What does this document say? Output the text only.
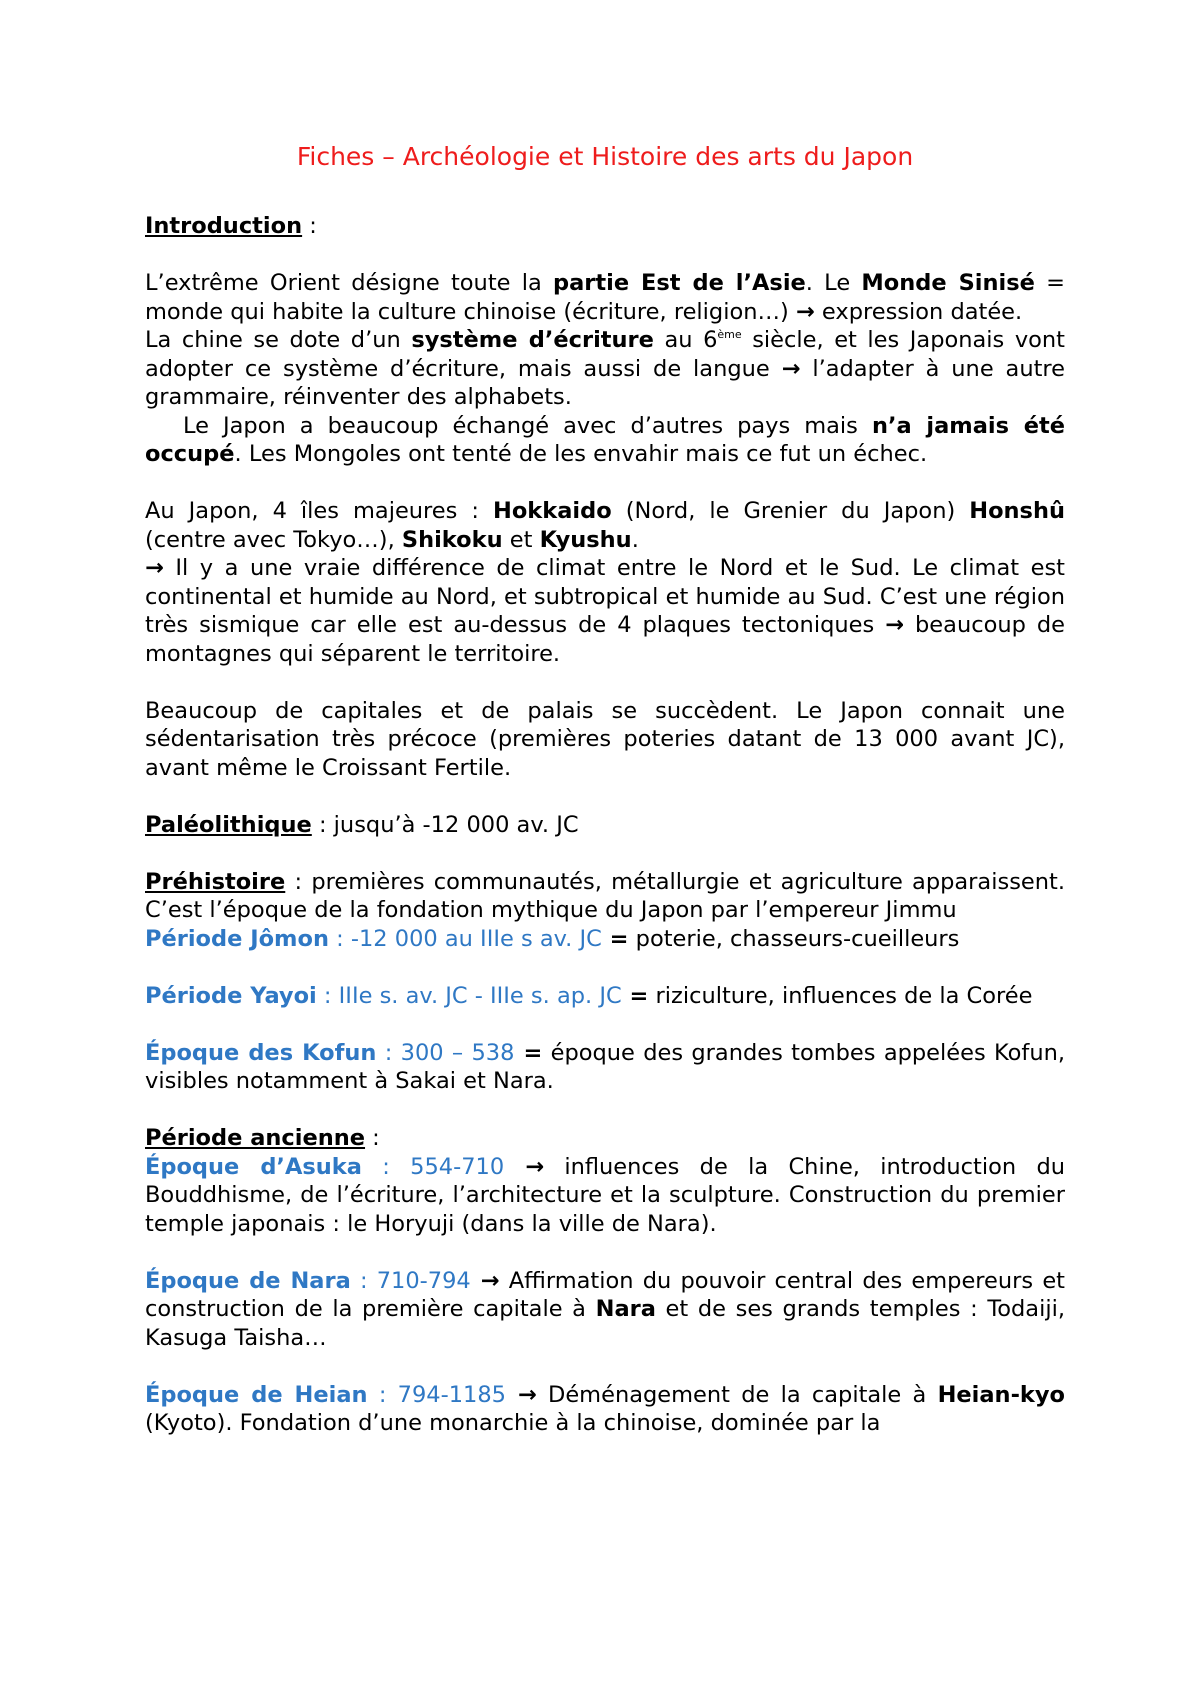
Fiches – Archéologie et Histoire des arts du Japon

Introduction :

L’extrême Orient désigne toute la partie Est de l’Asie. Le Monde Sinisé = monde qui habite la culture chinoise (écriture, religion…) → expression datée.

La chine se dote d’un système d’écriture au 6ème siècle, et les Japonais vont adopter ce système d’écriture, mais aussi de langue → l’adapter à une autre grammaire, réinventer des alphabets.

Le Japon a beaucoup échangé avec d’autres pays mais n’a jamais été occupé. Les Mongoles ont tenté de les envahir mais ce fut un échec.

Au Japon, 4 îles majeures : Hokkaido (Nord, le Grenier du Japon) Honshû (centre avec Tokyo…), Shikoku et Kyushu.

→ Il y a une vraie différence de climat entre le Nord et le Sud. Le climat est continental et humide au Nord, et subtropical et humide au Sud. C’est une région très sismique car elle est au-dessus de 4 plaques tectoniques → beaucoup de montagnes qui séparent le territoire.

Beaucoup de capitales et de palais se succèdent. Le Japon connait une sédentarisation très précoce (premières poteries datant de 13 000 avant JC), avant même le Croissant Fertile.

Paléolithique : jusqu’à -12 000 av. JC

Préhistoire : premières communautés, métallurgie et agriculture apparaissent. C’est l’époque de la fondation mythique du Japon par l’empereur Jimmu

Période Jômon : -12 000 au IIIe s av. JC = poterie, chasseurs-cueilleurs

Période Yayoi : IIIe s. av. JC - IIIe s. ap. JC = riziculture, influences de la Corée

Époque des Kofun : 300 – 538 = époque des grandes tombes appelées Kofun, visibles notamment à Sakai et Nara.

Période ancienne :

Époque d’Asuka : 554-710 → influences de la Chine, introduction du Bouddhisme, de l’écriture, l’architecture et la sculpture. Construction du premier temple japonais : le Horyuji (dans la ville de Nara).

Époque de Nara : 710-794 → Affirmation du pouvoir central des empereurs et construction de la première capitale à Nara et de ses grands temples : Todaiji, Kasuga Taisha…

Époque de Heian : 794-1185 → Déménagement de la capitale à Heian-kyo (Kyoto). Fondation d’une monarchie à la chinoise, dominée par la
